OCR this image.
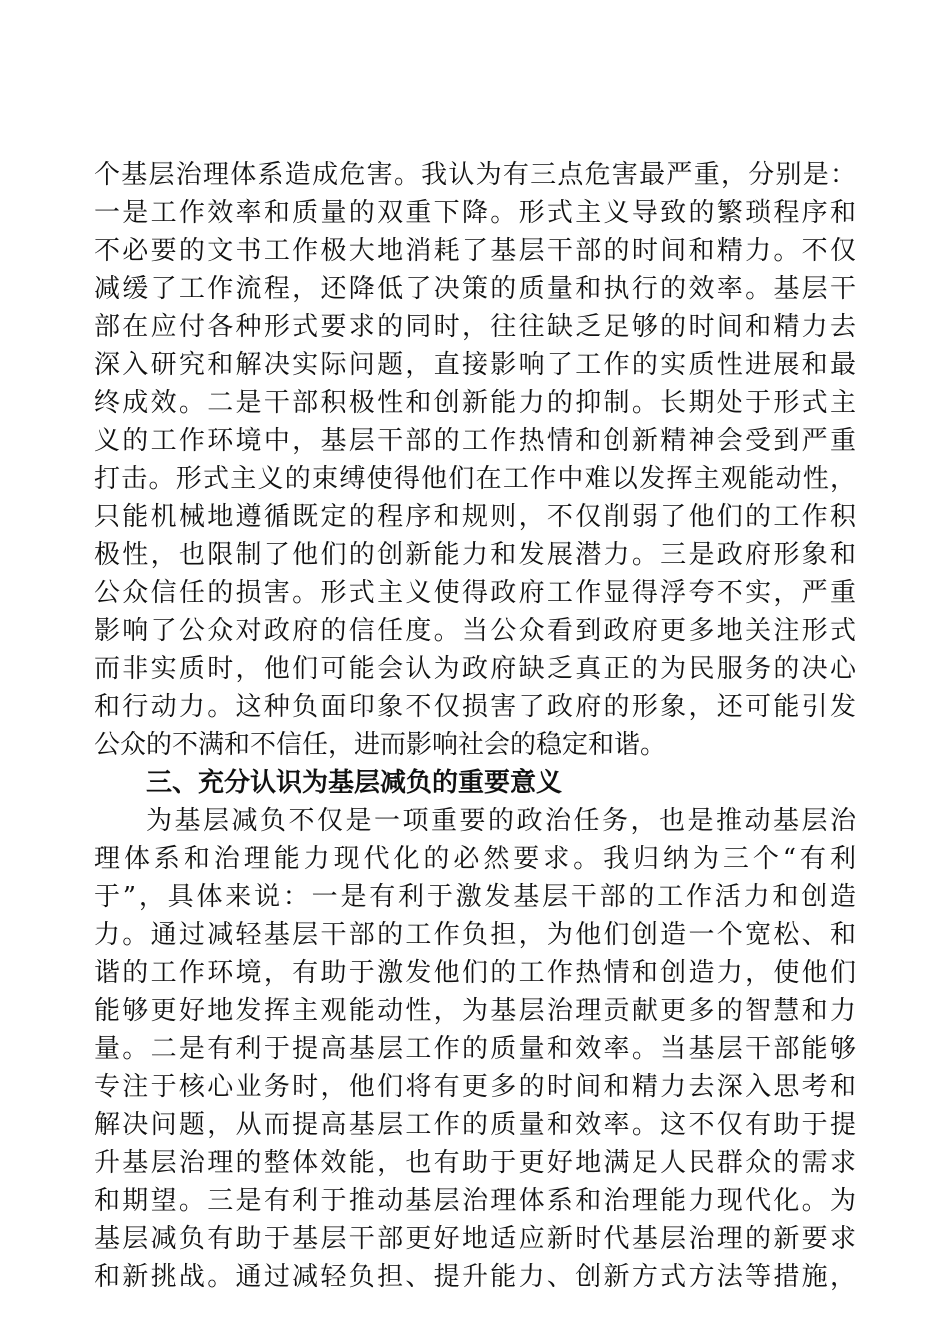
个基层治理体系造成危害。我认为有三点危害最严重，分别是：
一是工作效率和质量的双重下降。形式主义导致的繁琐程序和
不必要的文书工作极大地消耗了基层干部的时间和精力。不仅
减缓了工作流程，还降低了决策的质量和执行的效率。基层干
部在应付各种形式要求的同时，往往缺乏足够的时间和精力去
深入研究和解决实际问题，直接影响了工作的实质性进展和最
终成效。二是干部积极性和创新能力的抑制。长期处于形式主
义的工作环境中，基层干部的工作热情和创新精神会受到严重
打击。形式主义的束缚使得他们在工作中难以发挥主观能动性，
只能机械地遵循既定的程序和规则，不仅削弱了他们的工作积
极性，也限制了他们的创新能力和发展潜力。三是政府形象和
公众信任的损害。形式主义使得政府工作显得浮夸不实，严重
影响了公众对政府的信任度。当公众看到政府更多地关注形式
而非实质时，他们可能会认为政府缺乏真正的为民服务的决心
和行动力。这种负面印象不仅损害了政府的形象，还可能引发
公众的不满和不信任，进而影响社会的稳定和谐。
三、充分认识为基层减负的重要意义
为基层减负不仅是一项重要的政治任务，也是推动基层治
理体系和治理能力现代化的必然要求。我归纳为三个“有利
于”，具体来说：一是有利于激发基层干部的工作活力和创造
力。通过减轻基层干部的工作负担，为他们创造一个宽松、和
谐的工作环境，有助于激发他们的工作热情和创造力，使他们
能够更好地发挥主观能动性，为基层治理贡献更多的智慧和力
量。二是有利于提高基层工作的质量和效率。当基层干部能够
专注于核心业务时，他们将有更多的时间和精力去深入思考和
解决问题，从而提高基层工作的质量和效率。这不仅有助于提
升基层治理的整体效能，也有助于更好地满足人民群众的需求
和期望。三是有利于推动基层治理体系和治理能力现代化。为
基层减负有助于基层干部更好地适应新时代基层治理的新要求
和新挑战。通过减轻负担、提升能力、创新方式方法等措施，
